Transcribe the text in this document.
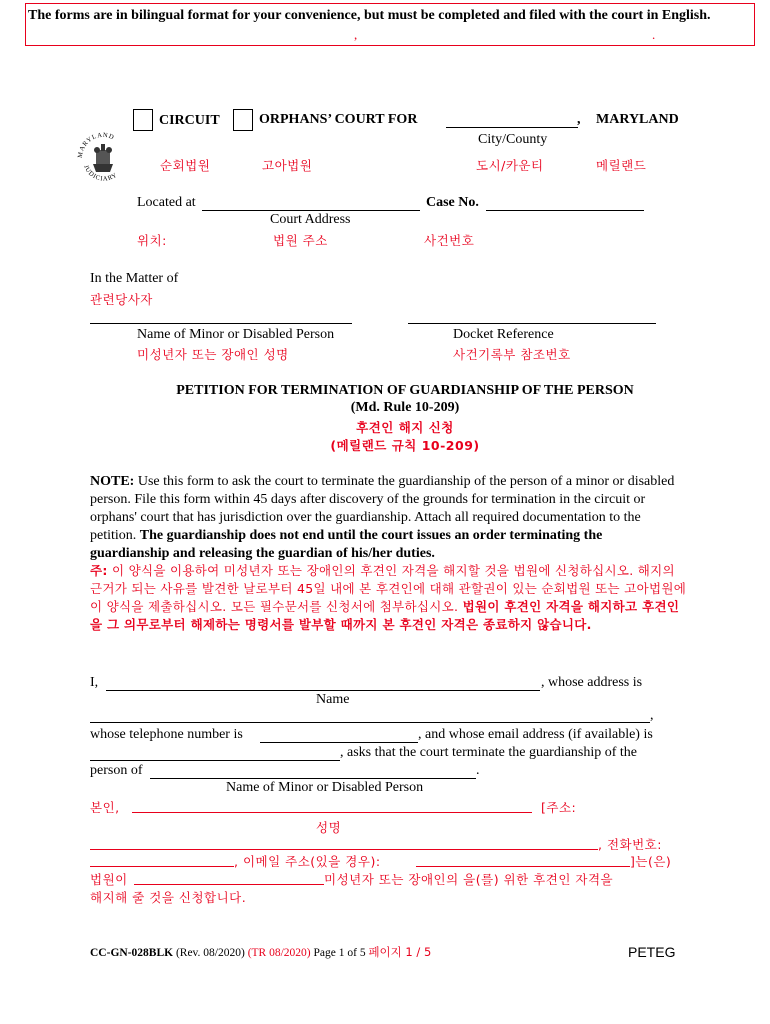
The forms are in bilingual format for your convenience, but must be completed and filed with the court in English.
,	.
MARYLAND
JUDICIARY
CIRCUIT	ORPHANS’ COURT FOR	, MARYLAND
City/County
순회법원	고아법원	도시/카운티	메릴랜드
Located at	Case No.
Court Address
위치:	법원 주소	사건번호
In the Matter of
관련당사자
Name of Minor or Disabled Person	Docket Reference
미성년자 또는 장애인 성명	사건기록부 참조번호
PETITION FOR TERMINATION OF GUARDIANSHIP OF THE PERSON
(Md. Rule 10-209)
후견인 해지 신청
(메릴랜드 규칙 10-209)
NOTE: Use this form to ask the court to terminate the guardianship of the person of a minor or disabled person. File this form within 45 days after discovery of the grounds for termination in the circuit or orphans' court that has jurisdiction over the guardianship. Attach all required documentation to the petition. The guardianship does not end until the court issues an order terminating the guardianship and releasing the guardian of his/her duties.
주: 이 양식을 이용하여 미성년자 또는 장애인의 후견인 자격을 해지할 것을 법원에 신청하십시오. 해지의 근거가 되는 사유를 발견한 날로부터 45일 내에 본 후견인에 대해 관할권이 있는 순회법원 또는 고아법원에 이 양식을 제출하십시오. 모든 필수문서를 신청서에 첨부하십시오. 법원이 후견인 자격을 해지하고 후견인을 그 의무로부터 해제하는 명령서를 발부할 때까지 본 후견인 자격은 종료하지 않습니다.
I,	, whose address is
Name
,
whose telephone number is	, and whose email address (if available) is
, asks that the court terminate the guardianship of the
person of	.
Name of Minor or Disabled Person
본인,	[주소:
성명
, 전화번호:
, 이메일 주소(있을 경우):	]는(은)
법원이	미성년자 또는 장애인의 을(를) 위한 후견인 자격을
해지해 줄 것을 신청합니다.
CC-GN-028BLK (Rev. 08/2020) (TR 08/2020) Page 1 of 5 페이지 1 / 5	PETEG
